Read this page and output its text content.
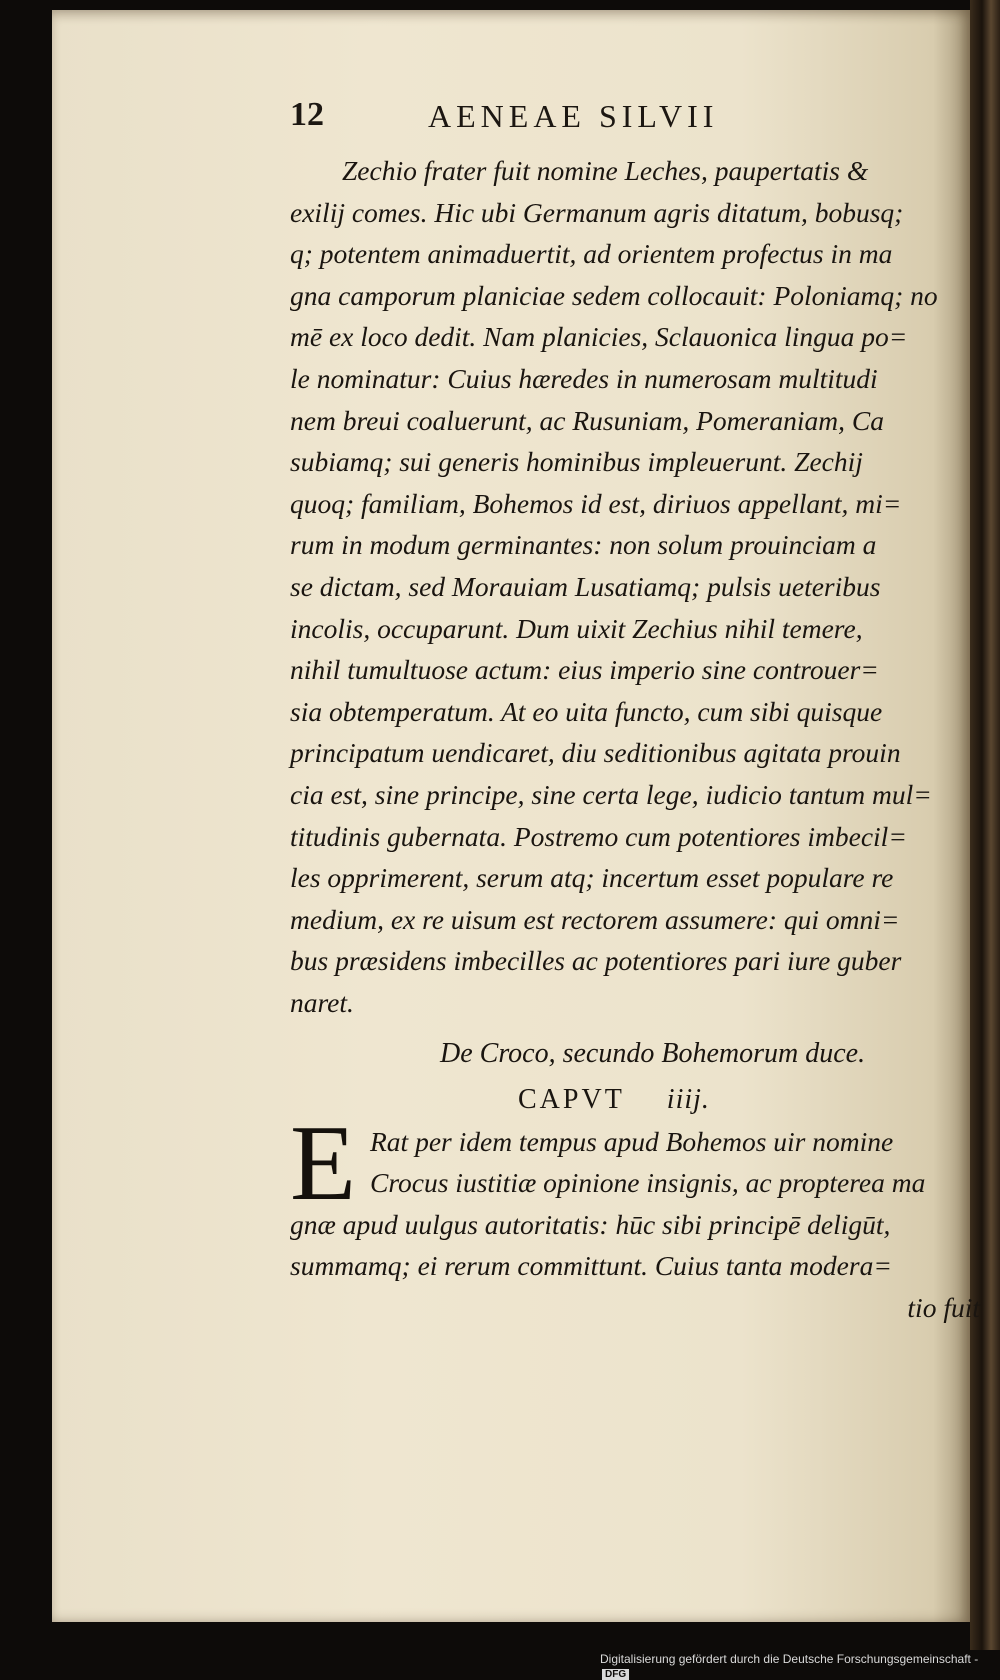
12	AENEAE SILVII
Zechio frater fuit nomine Leches, paupertatis &
exilij comes. Hic ubi Germanum agris ditatum, bobusq;
q; potentem animaduertit, ad orientem profectus in ma
gna camporum planiciae sedem collocauit: Poloniamq; no
mē ex loco dedit. Nam planicies, Sclauonica lingua po=
le nominatur: Cuius hæredes in numerosam multitudi
nem breui coaluerunt, ac Rusuniam, Pomeraniam, Ca
subiamq; sui generis hominibus impleuerunt. Zechij
quoq; familiam, Bohemos id est, diriuos appellant, mi=
rum in modum germinantes: non solum prouinciam a
se dictam, sed Morauiam Lusatiamq; pulsis ueteribus
incolis, occuparunt. Dum uixit Zechius nihil temere,
nihil tumultuose actum: eius imperio sine controuer=
sia obtemperatum. At eo uita functo, cum sibi quisque
principatum uendicaret, diu seditionibus agitata prouin
cia est, sine principe, sine certa lege, iudicio tantum mul=
titudinis gubernata. Postremo cum potentiores imbecil=
les opprimerent, serum atq; incertum esset populare re
medium, ex re uisum est rectorem assumere: qui omni=
bus præsidens imbecilles ac potentiores pari iure guber
naret.
De Croco, secundo Bohemorum duce.
CAPVT iiij.
Rat per idem tempus apud Bohemos uir nomine
Crocus iustitiæ opinione insignis, ac propterea ma
gnæ apud uulgus autoritatis: hūc sibi principē deligūt,
summamq; ei rerum committunt. Cuius tanta modera=
tio fuit
E
Digitalisierung gefördert durch die Deutsche Forschungsgemeinschaft -DFG
